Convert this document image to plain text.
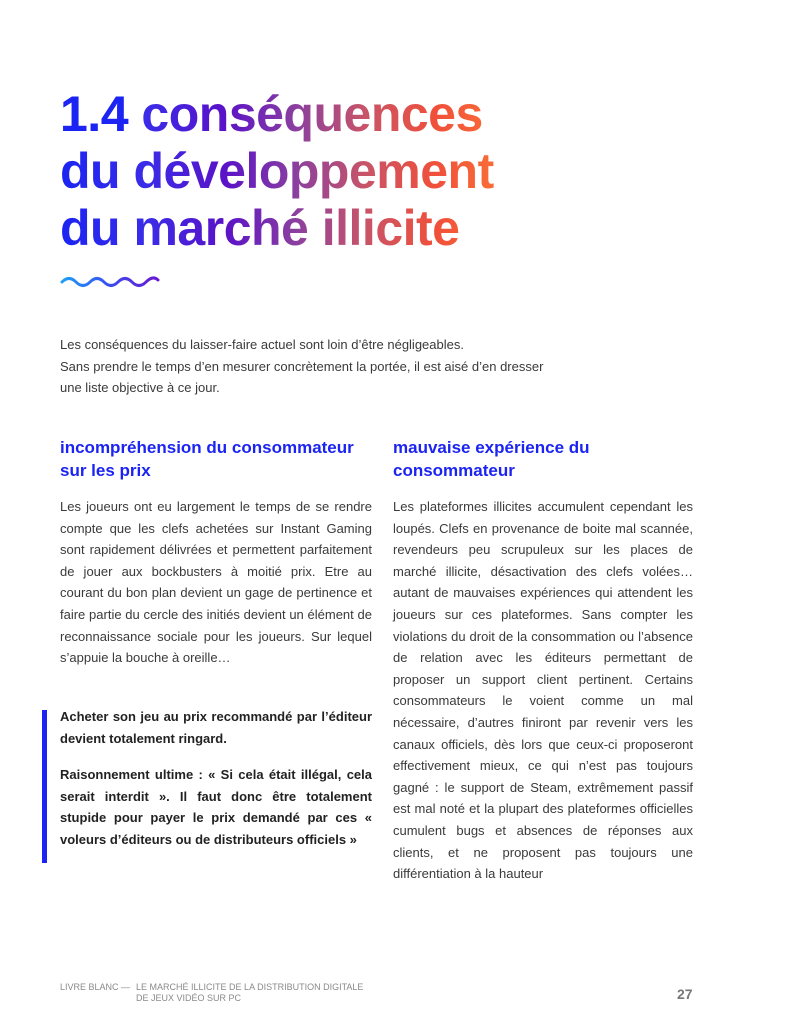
1.4 conséquences du développement du marché illicite

Les conséquences du laisser-faire actuel sont loin d’être négligeables.

Sans prendre le temps d’en mesurer concrètement la portée, il est aisé d’en dresser une liste objective à ce jour.

incompréhension du consommateur sur les prix

Les joueurs ont eu largement le temps de se rendre compte que les clefs achetées sur Instant Gaming sont rapidement délivrées et permettent parfaitement de jouer aux bockbusters à moitié prix. Etre au courant du bon plan devient un gage de pertinence et faire partie du cercle des initiés devient un élément de reconnaissance sociale pour les joueurs. Sur lequel s’appuie la bouche à oreille…

Acheter son jeu au prix recommandé par l’éditeur devient totalement ringard.

Raisonnement ultime : « Si cela était illégal, cela serait interdit ». Il faut donc être totalement stupide pour payer le prix demandé par ces « voleurs d’éditeurs ou de distributeurs officiels »

mauvaise expérience du consommateur

Les plateformes illicites accumulent cependant les loupés. Clefs en provenance de boite mal scannée, revendeurs peu scrupuleux sur les places de marché illicite, désactivation des clefs volées…autant de mauvaises expériences qui attendent les joueurs sur ces plateformes. Sans compter les violations du droit de la consommation ou l’absence de relation avec les éditeurs permettant de proposer un support client pertinent. Certains consommateurs le voient comme un mal nécessaire, d’autres finiront par revenir vers les canaux officiels, dès lors que ceux-ci proposeront effectivement mieux, ce qui n’est pas toujours gagné : le support de Steam, extrêmement passif est mal noté et la plupart des plateformes officielles cumulent bugs et absences de réponses aux clients, et ne proposent pas toujours une différentiation à la hauteur

LIVRE BLANC — LE MARCHÉ ILLICITE DE LA DISTRIBUTION DIGITALE
DE JEUX VIDÉO SUR PC	27
